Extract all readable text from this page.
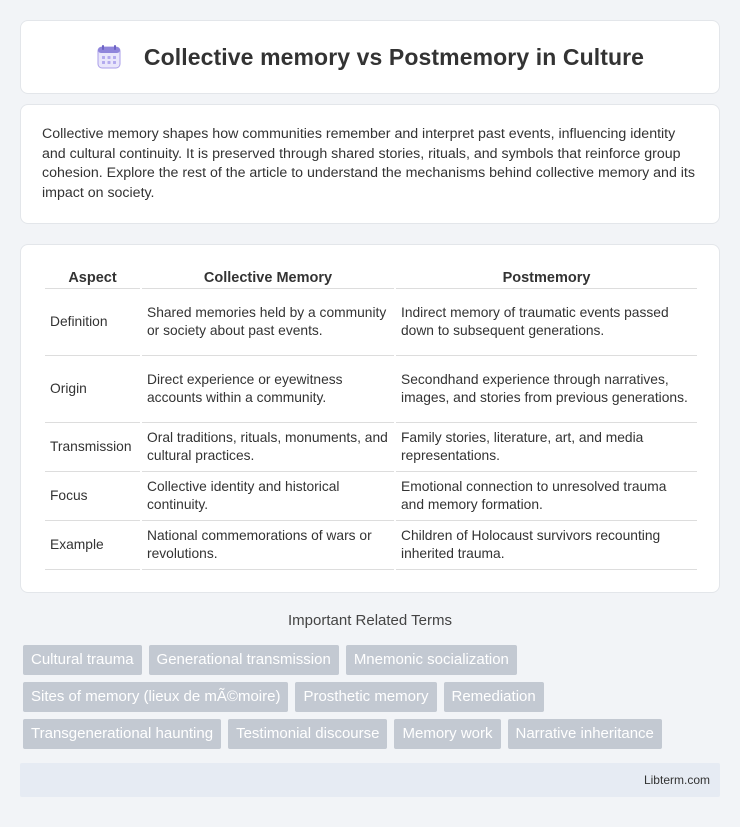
Collective memory vs Postmemory in Culture

Collective memory shapes how communities remember and interpret past events, influencing identity and cultural continuity. It is preserved through shared stories, rituals, and symbols that reinforce group cohesion. Explore the rest of the article to understand the mechanisms behind collective memory and its impact on society.

Aspect	Collective Memory	Postmemory
Definition	Shared memories held by a community or society about past events.	Indirect memory of traumatic events passed down to subsequent generations.
Origin	Direct experience or eyewitness accounts within a community.	Secondhand experience through narratives, images, and stories from previous generations.
Transmission	Oral traditions, rituals, monuments, and cultural practices.	Family stories, literature, art, and media representations.
Focus	Collective identity and historical continuity.	Emotional connection to unresolved trauma and memory formation.
Example	National commemorations of wars or revolutions.	Children of Holocaust survivors recounting inherited trauma.
Important Related Terms
Cultural trauma	Generational transmission	Mnemonic socialization
Sites of memory (lieux de mÃ©moire)	Prosthetic memory	Remediation
Transgenerational haunting	Testimonial discourse	Memory work	Narrative inheritance
Libterm.com
